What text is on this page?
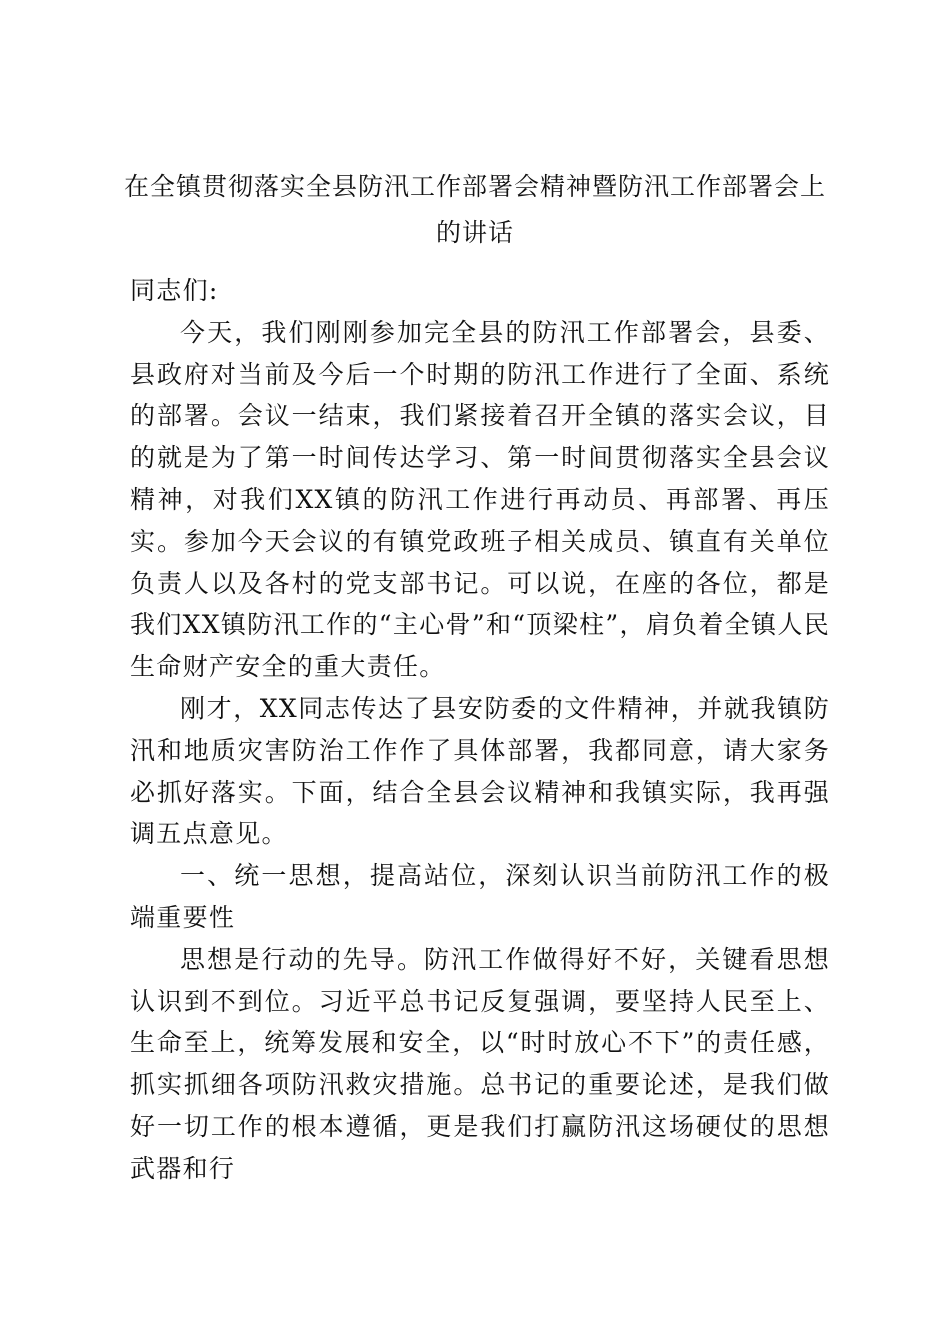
在全镇贯彻落实全县防汛工作部署会精神暨防汛工作部署会上
的讲话

同志们:

今天，我们刚刚参加完全县的防汛工作部署会，县委、县政府对当前及今后一个时期的防汛工作进行了全面、系统的部署。会议一结束，我们紧接着召开全镇的落实会议，目的就是为了第一时间传达学习、第一时间贯彻落实全县会议精神，对我们XX镇的防汛工作进行再动员、再部署、再压实。参加今天会议的有镇党政班子相关成员、镇直有关单位负责人以及各村的党支部书记。可以说，在座的各位，都是我们XX镇防汛工作的“主心骨”和“顶梁柱”，肩负着全镇人民生命财产安全的重大责任。

刚才，XX同志传达了县安防委的文件精神，并就我镇防汛和地质灾害防治工作作了具体部署，我都同意，请大家务必抓好落实。下面，结合全县会议精神和我镇实际，我再强调五点意见。

一、统一思想，提高站位，深刻认识当前防汛工作的极端重要性

思想是行动的先导。防汛工作做得好不好，关键看思想认识到不到位。习近平总书记反复强调，要坚持人民至上、生命至上，统筹发展和安全，以“时时放心不下”的责任感，抓实抓细各项防汛救灾措施。总书记的重要论述，是我们做好一切工作的根本遵循，更是我们打赢防汛这场硬仗的思想武器和行
